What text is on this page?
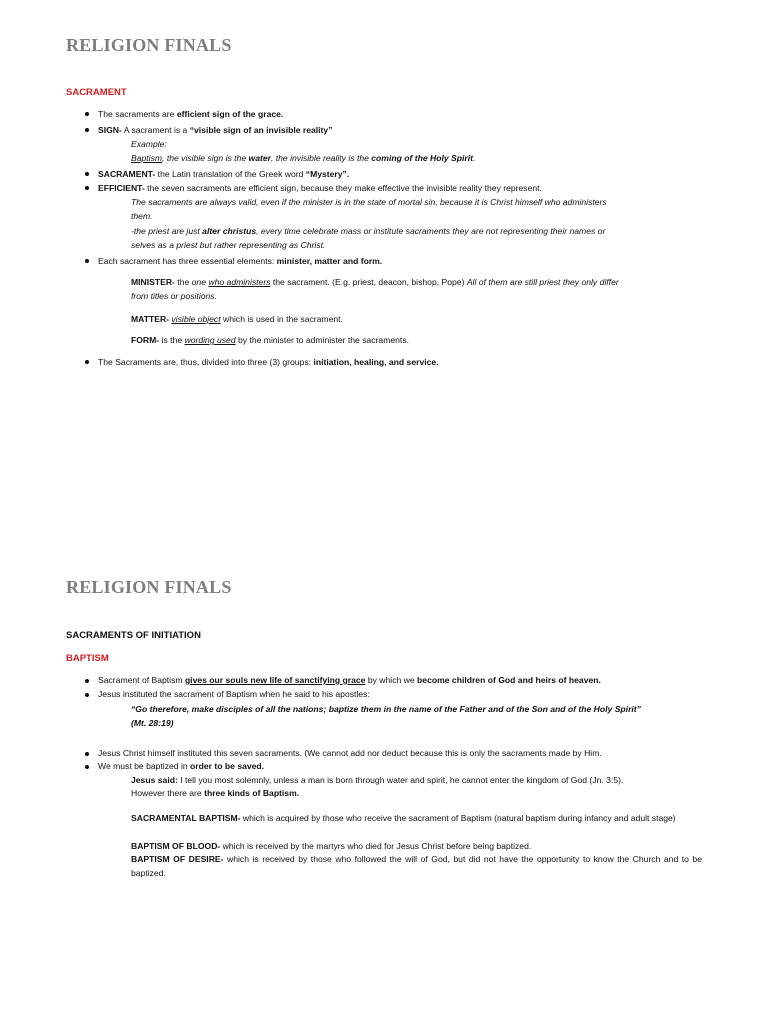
RELIGION FINALS
SACRAMENT
The sacraments are efficient sign of the grace.
SIGN- A sacrament is a “visible sign of an invisible reality”
Example:
Baptism, the visible sign is the water, the invisible reality is the coming of the Holy Spirit.
SACRAMENT- the Latin translation of the Greek word “Mystery”.
EFFICIENT- the seven sacraments are efficient sign, because they make effective the invisible reality they represent.
The sacraments are always valid, even if the minister is in the state of mortal sin, because it is Christ himself who administers
them.
-the priest are just alter christus, every time celebrate mass or institute sacraments they are not representing their names or
selves as a priest but rather representing as Christ.
Each sacrament has three essential elements: minister, matter and form.
MINISTER- the one who administers the sacrament. (E.g. priest, deacon, bishop, Pope) All of them are still priest they only differ
from titles or positions.
MATTER- visible object which is used in the sacrament.
FORM- is the wording used by the minister to administer the sacraments.
The Sacraments are, thus, divided into three (3) groups: initiation, healing, and service.
RELIGION FINALS
SACRAMENTS OF INITIATION
BAPTISM
Sacrament of Baptism gives our souls new life of sanctifying grace by which we become children of God and heirs of heaven.
Jesus instituted the sacrament of Baptism when he said to his apostles:
“Go therefore, make disciples of all the nations; baptize them in the name of the Father and of the Son and of the Holy Spirit”
(Mt. 28:19)
Jesus Christ himself instituted this seven sacraments. (We cannot add nor deduct because this is only the sacraments made by Him.
We must be baptized in order to be saved.
Jesus said: I tell you most solemnly, unless a man is born through water and spirit, he cannot enter the kingdom of God (Jn. 3:5).
However there are three kinds of Baptism.
SACRAMENTAL BAPTISM- which is acquired by those who receive the sacrament of Baptism (natural baptism during infancy and adult stage)
BAPTISM OF BLOOD- which is received by the martyrs who died for Jesus Christ before being baptized.
BAPTISM OF DESIRE- which is received by those who followed the will of God, but did not have the opportunity to know the Church and to be baptized.
